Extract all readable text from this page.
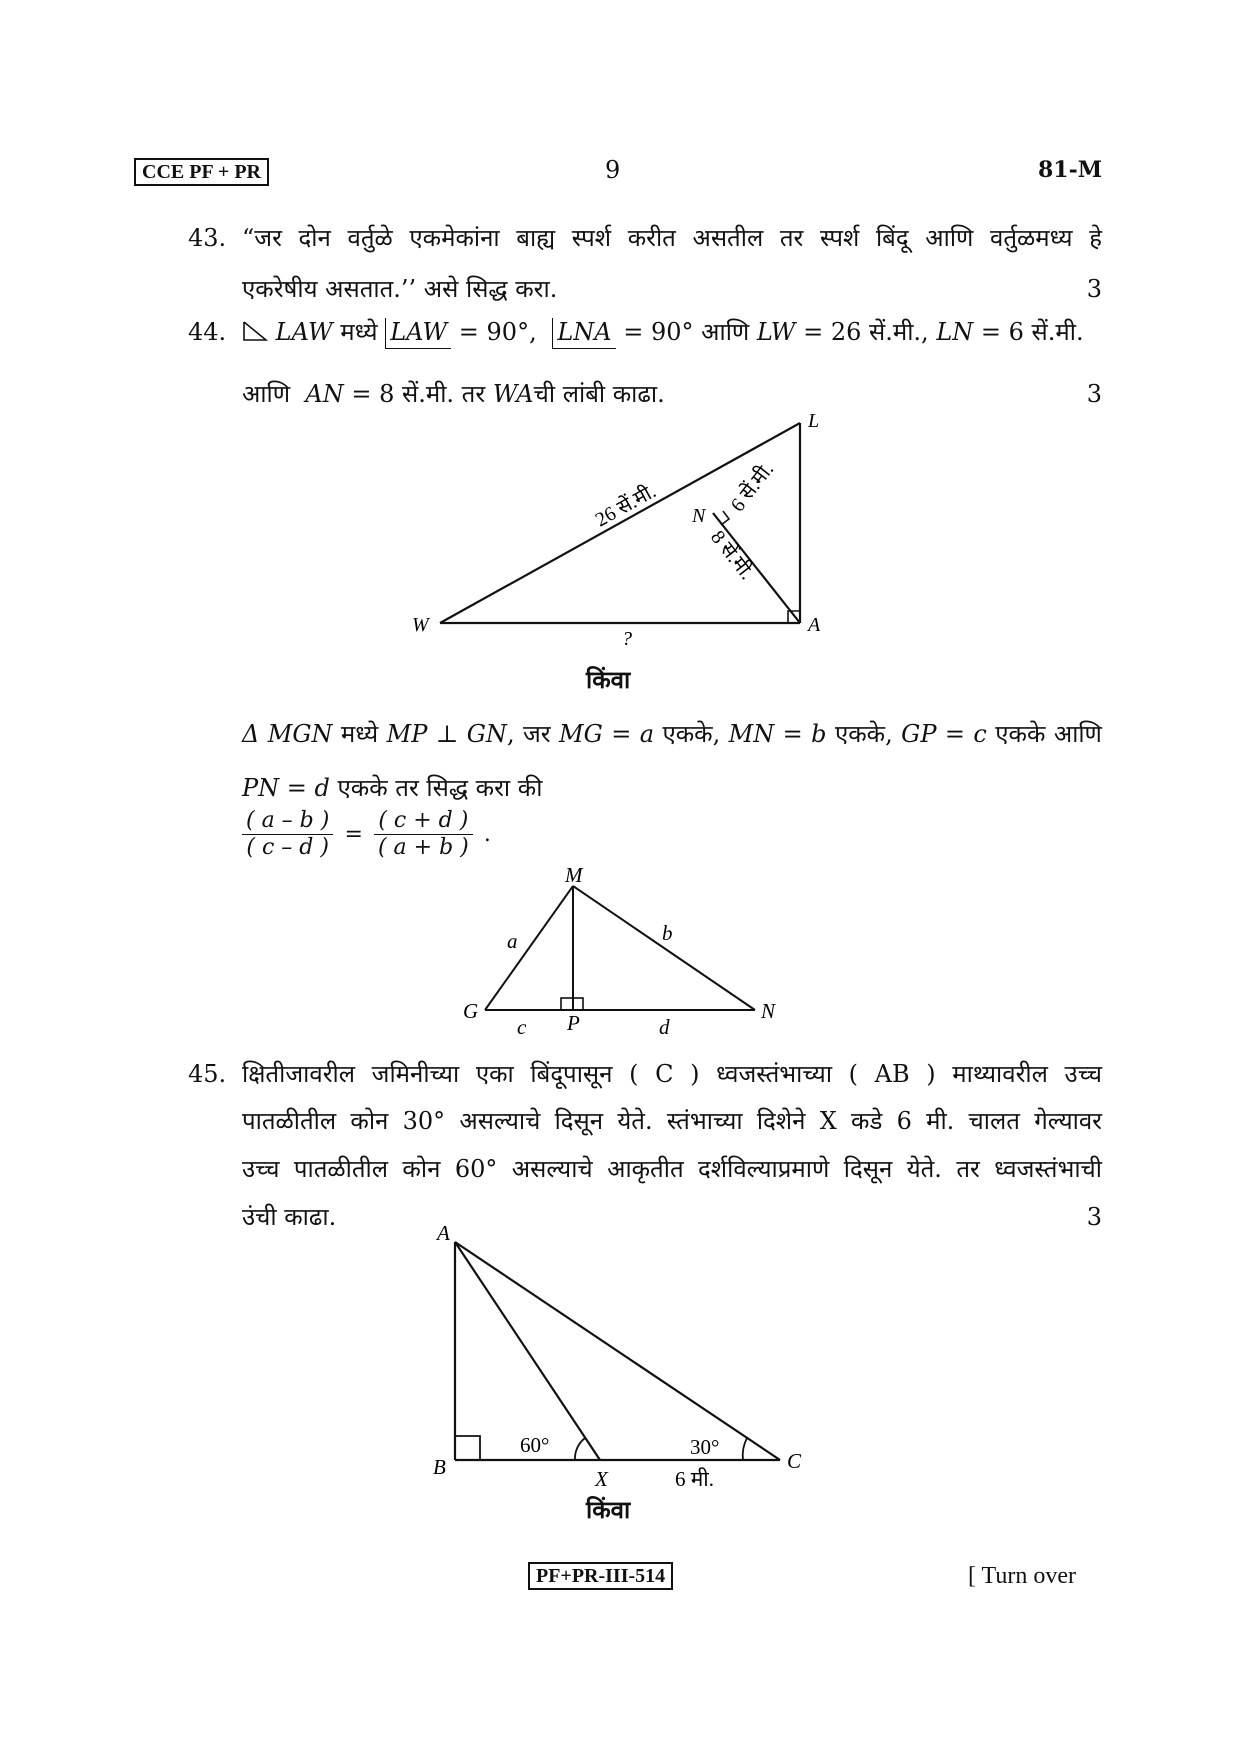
CCE PF + PR	9	81-M
43. “जर दोन वर्तुळे एकमेकांना बाह्य स्पर्श करीत असतील तर स्पर्श बिंदू आणि वर्तुळमध्य हे
एकरेषीय असतात.’’ असे सिद्ध करा.	3
44.	LAW मध्ये LAW = 90°, LNA = 90° आणि LW = 26 सें.मी., LN = 6 सें.मी.
आणि AN = 8 सें.मी. तर WAची लांबी काढा.	3
L
N
W	A
26 सें.मी.	6 सें.मी.
8 सें.मी.
?
किंवा
Δ MGN मध्ये MP ⊥ GN, जर MG = a एकके, MN = b एकके, GP = c एकके आणि
PN = d एकके तर सिद्ध करा की
$\frac{( a - b )}{( c - d )} = \frac{( c + d )}{( a + b )}$ .
M
G	N
P
a	b
c	d
45. क्षितीजावरील जमिनीच्या एका बिंदूपासून ( C ) ध्वजस्तंभाच्या ( AB ) माथ्यावरील उच्च
पातळीतील कोन 30° असल्याचे दिसून येते. स्तंभाच्या दिशेने X कडे 6 मी. चालत गेल्यावर
उच्च पातळीतील कोन 60° असल्याचे आकृतीत दर्शविल्याप्रमाणे दिसून येते. तर ध्वजस्तंभाची
उंची काढा.	3
A
B	X
C
60°	30°
6 मी.
किंवा
PF+PR-III-514	[ Turn over
